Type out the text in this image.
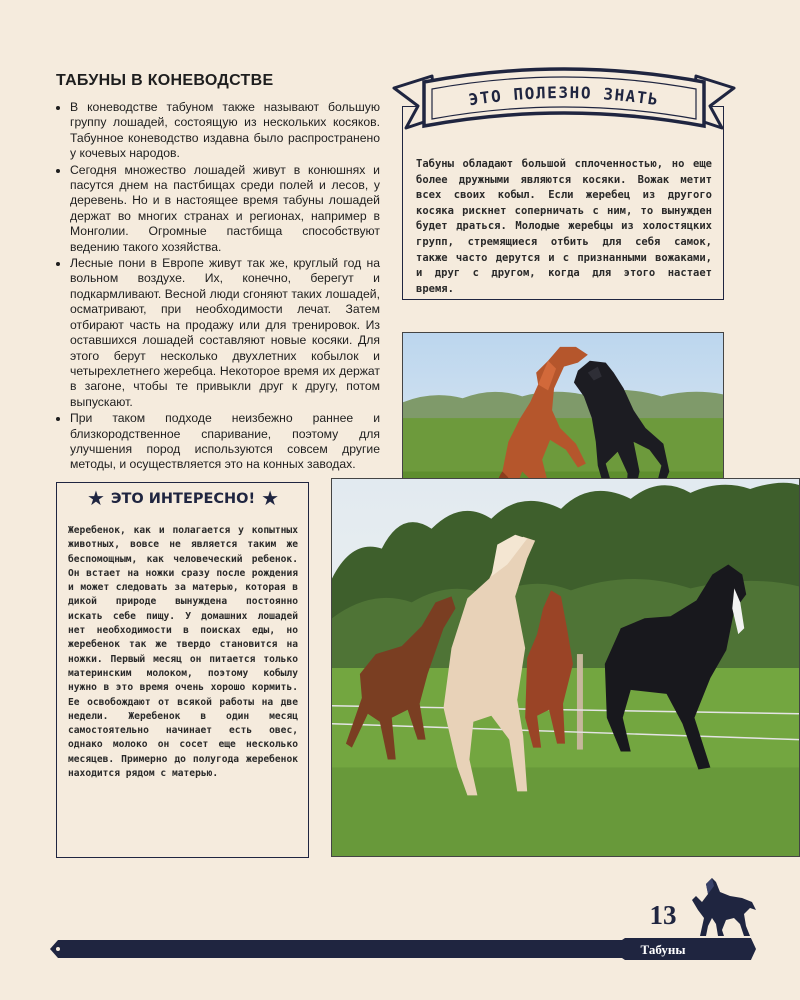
ТАБУНЫ В КОНЕВОДСТВЕ
• В коневодстве табуном также называют большую группу лошадей, состоящую из нескольких косяков. Табунное коневодство издавна было распространено у кочевых народов.
• Сегодня множество лошадей живут в конюшнях и пасутся днем на пастбищах среди полей и лесов, у деревень. Но и в настоящее время табуны лошадей держат во многих странах и регионах, например в Монголии. Огромные пастбища способствуют ведению такого хозяйства.
• Лесные пони в Европе живут так же, круглый год на вольном воздухе. Их, конечно, берегут и подкармливают. Весной люди сгоняют таких лошадей, осматривают, при необходимости лечат. Затем отбирают часть на продажу или для тренировок. Из оставшихся лошадей составляют новые косяки. Для этого берут несколько двухлетних кобылок и четырехлетнего жеребца. Некоторое время их держат в загоне, чтобы те привыкли друг к другу, потом выпускают.
• При таком подходе неизбежно раннее и близкородственное спаривание, поэтому для улучшения пород используются совсем другие методы, и осуществляется это на конных заводах.
Табуны обладают большой сплоченностью, но еще более дружными являются косяки. Вожак метит всех своих кобыл. Если жеребец из другого косяка рискнет соперничать с ним, то вынужден будет драться. Молодые жеребцы из холостяцких групп, стремящиеся отбить для себя самок, также часто дерутся и с признанными вожаками, и друг с другом, когда для этого настает время.
ЭТО ПОЛЕЗНО ЗНАТЬ
★ ЭТО ИНТЕРЕСНО! ★
Жеребенок, как и полагается у копытных животных, вовсе не является таким же беспомощным, как человеческий ребенок. Он встает на ножки сразу после рождения и может следовать за матерью, которая в дикой природе вынуждена постоянно искать себе пищу. У домашних лошадей нет необходимости в поисках еды, но жеребенок так же твердо становится на ножки. Первый месяц он питается только материнским молоком, поэтому кобылу нужно в это время очень хорошо кормить. Ее освобождают от всякой работы на две недели. Жеребенок в один месяц самостоятельно начинает есть овес, однако молоко он сосет еще несколько месяцев. Примерно до полугода жеребенок находится рядом с матерью.
‹
13
Табуны
